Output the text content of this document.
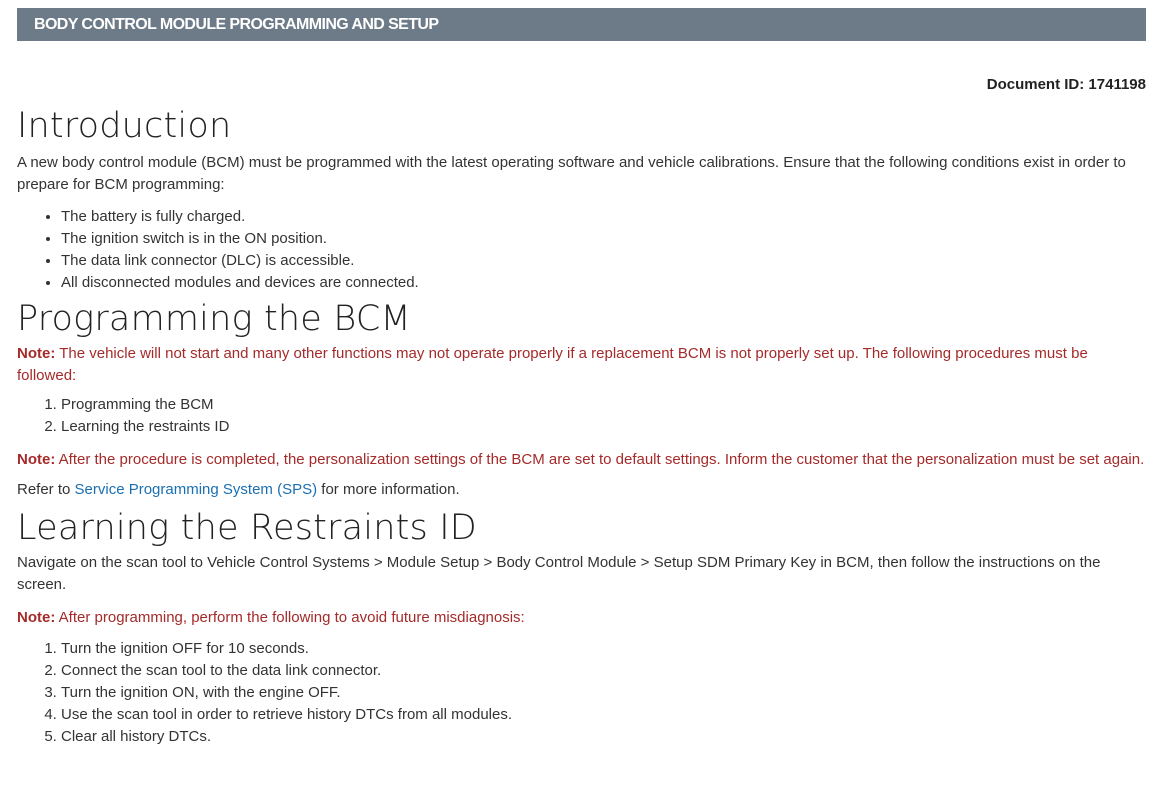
BODY CONTROL MODULE PROGRAMMING AND SETUP
Document ID: 1741198
Introduction

A new body control module (BCM) must be programmed with the latest operating software and vehicle calibrations. Ensure that the following conditions exist in order to prepare for BCM programming:

• The battery is fully charged.
• The ignition switch is in the ON position.
• The data link connector (DLC) is accessible.
• All disconnected modules and devices are connected.
Programming the BCM

Note: The vehicle will not start and many other functions may not operate properly if a replacement BCM is not properly set up. The following procedures must be followed:

1. Programming the BCM
2. Learning the restraints ID

Note: After the procedure is completed, the personalization settings of the BCM are set to default settings. Inform the customer that the personalization must be set again.

Refer to Service Programming System (SPS) for more information.

Learning the Restraints ID

Navigate on the scan tool to Vehicle Control Systems > Module Setup > Body Control Module > Setup SDM Primary Key in BCM, then follow the instructions on the screen.

Note: After programming, perform the following to avoid future misdiagnosis:

1. Turn the ignition OFF for 10 seconds.
2. Connect the scan tool to the data link connector.
3. Turn the ignition ON, with the engine OFF.
4. Use the scan tool in order to retrieve history DTCs from all modules.
5. Clear all history DTCs.
